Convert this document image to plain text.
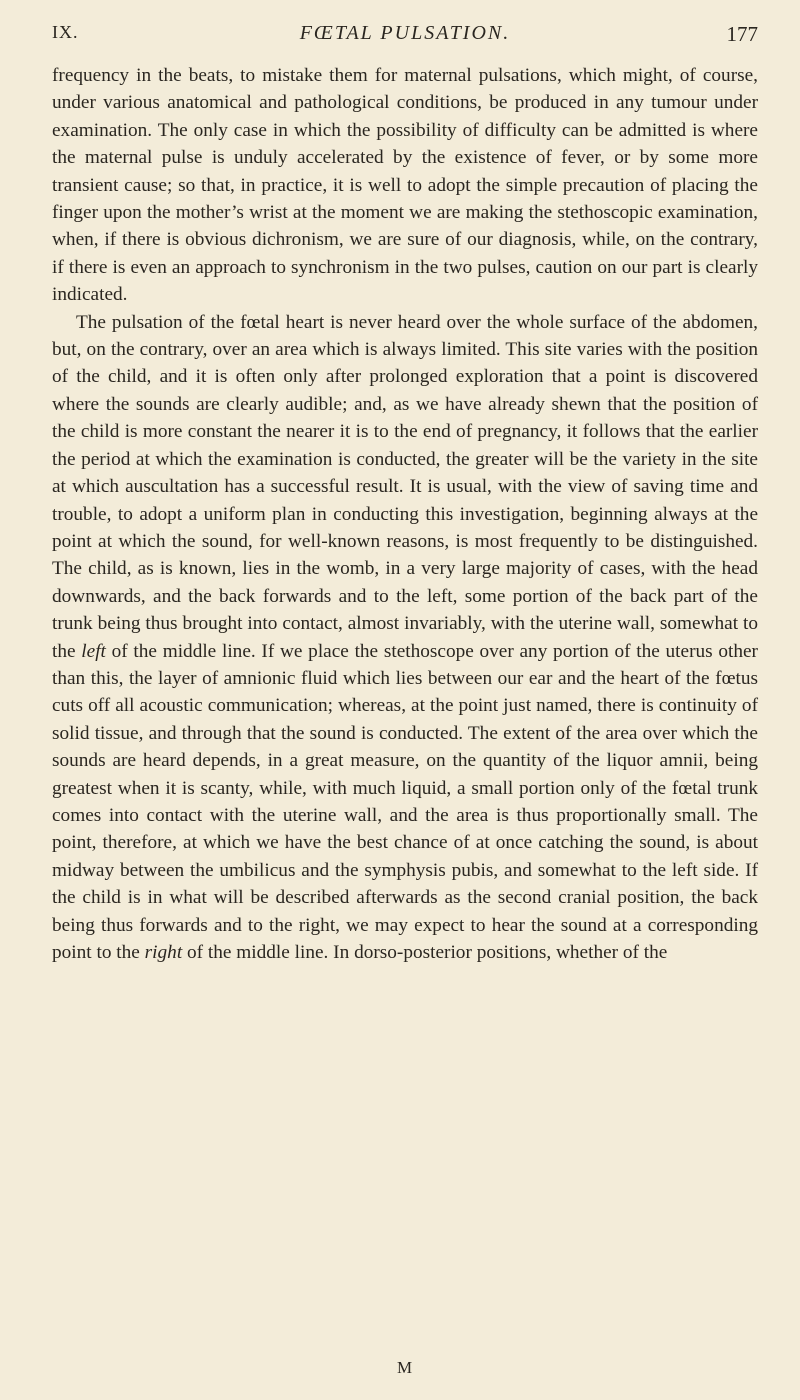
IX.	FŒTAL PULSATION.	177

frequency in the beats, to mistake them for maternal pulsations, which might, of course, under various anatomical and pathological conditions, be produced in any tumour under examination. The only case in which the possibility of difficulty can be admitted is where the maternal pulse is unduly accelerated by the existence of fever, or by some more transient cause; so that, in practice, it is well to adopt the simple precaution of placing the finger upon the mother’s wrist at the moment we are making the stethoscopic examination, when, if there is obvious dichronism, we are sure of our diagnosis, while, on the contrary, if there is even an approach to synchronism in the two pulses, caution on our part is clearly indicated.

The pulsation of the fœtal heart is never heard over the whole surface of the abdomen, but, on the contrary, over an area which is always limited. This site varies with the position of the child, and it is often only after prolonged exploration that a point is discovered where the sounds are clearly audible; and, as we have already shewn that the position of the child is more constant the nearer it is to the end of pregnancy, it follows that the earlier the period at which the examination is conducted, the greater will be the variety in the site at which auscultation has a successful result. It is usual, with the view of saving time and trouble, to adopt a uniform plan in conducting this investigation, beginning always at the point at which the sound, for well-known reasons, is most frequently to be distinguished. The child, as is known, lies in the womb, in a very large majority of cases, with the head downwards, and the back forwards and to the left, some portion of the back part of the trunk being thus brought into contact, almost invariably, with the uterine wall, somewhat to the left of the middle line. If we place the stethoscope over any portion of the uterus other than this, the layer of amnionic fluid which lies between our ear and the heart of the fœtus cuts off all acoustic communication; whereas, at the point just named, there is continuity of solid tissue, and through that the sound is conducted. The extent of the area over which the sounds are heard depends, in a great measure, on the quantity of the liquor amnii, being greatest when it is scanty, while, with much liquid, a small portion only of the fœtal trunk comes into contact with the uterine wall, and the area is thus proportionally small. The point, therefore, at which we have the best chance of at once catching the sound, is about midway between the umbilicus and the symphysis pubis, and somewhat to the left side. If the child is in what will be described afterwards as the second cranial position, the back being thus forwards and to the right, we may expect to hear the sound at a corresponding point to the right of the middle line. In dorso-posterior positions, whether of the

M
